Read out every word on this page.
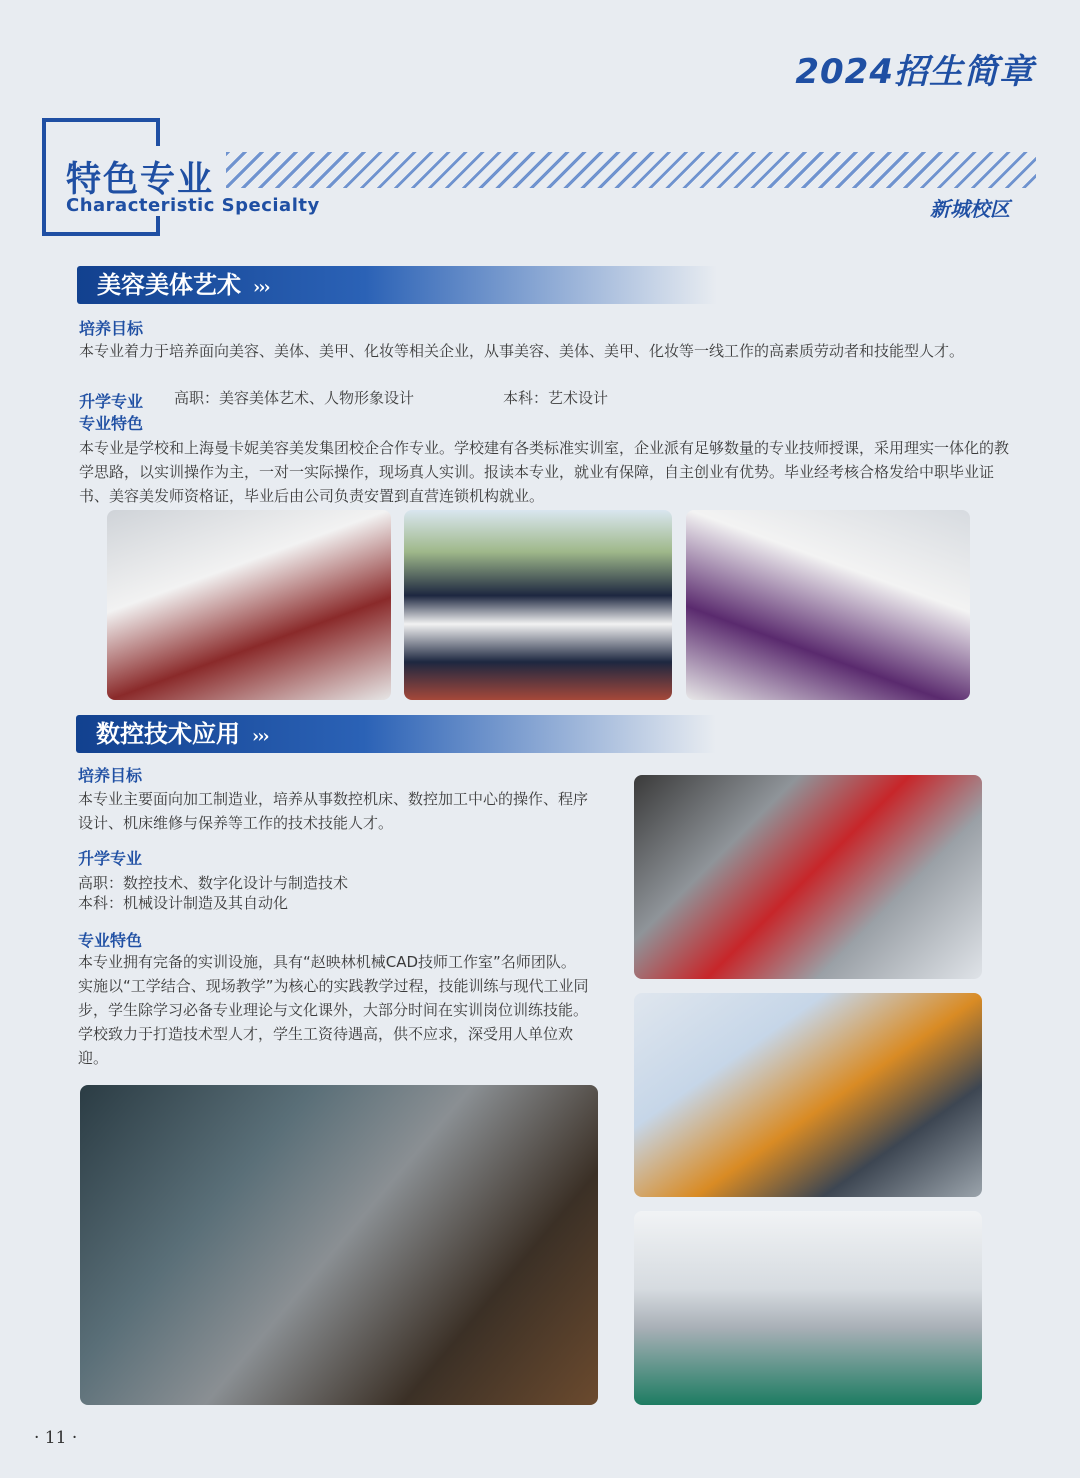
2024招生简章
特色专业
Characteristic Specialty	新城校区
美容美体艺术 ›››
培养目标
本专业着力于培养面向美容、美体、美甲、化妆等相关企业，从事美容、美体、美甲、化妆等一线工作的高素质劳动者和技能型人才。
升学专业 高职：美容美体艺术、人物形象设计	本科：艺术设计
专业特色
本专业是学校和上海曼卡妮美容美发集团校企合作专业。学校建有各类标准实训室，企业派有足够数量的专业技师授课，采用理实一体化的教学思路，以实训操作为主，一对一实际操作，现场真人实训。报读本专业，就业有保障，自主创业有优势。毕业经考核合格发给中职毕业证书、美容美发师资格证，毕业后由公司负责安置到直营连锁机构就业。
数控技术应用 ›››
培养目标
本专业主要面向加工制造业，培养从事数控机床、数控加工中心的操作、程序设计、机床维修与保养等工作的技术技能人才。
升学专业
高职：数控技术、数字化设计与制造技术
本科：机械设计制造及其自动化
专业特色
本专业拥有完备的实训设施，具有“赵映林机械CAD技师工作室”名师团队。实施以“工学结合、现场教学”为核心的实践教学过程，技能训练与现代工业同步，学生除学习必备专业理论与文化课外，大部分时间在实训岗位训练技能。学校致力于打造技术型人才，学生工资待遇高，供不应求，深受用人单位欢迎。
· 11 ·
